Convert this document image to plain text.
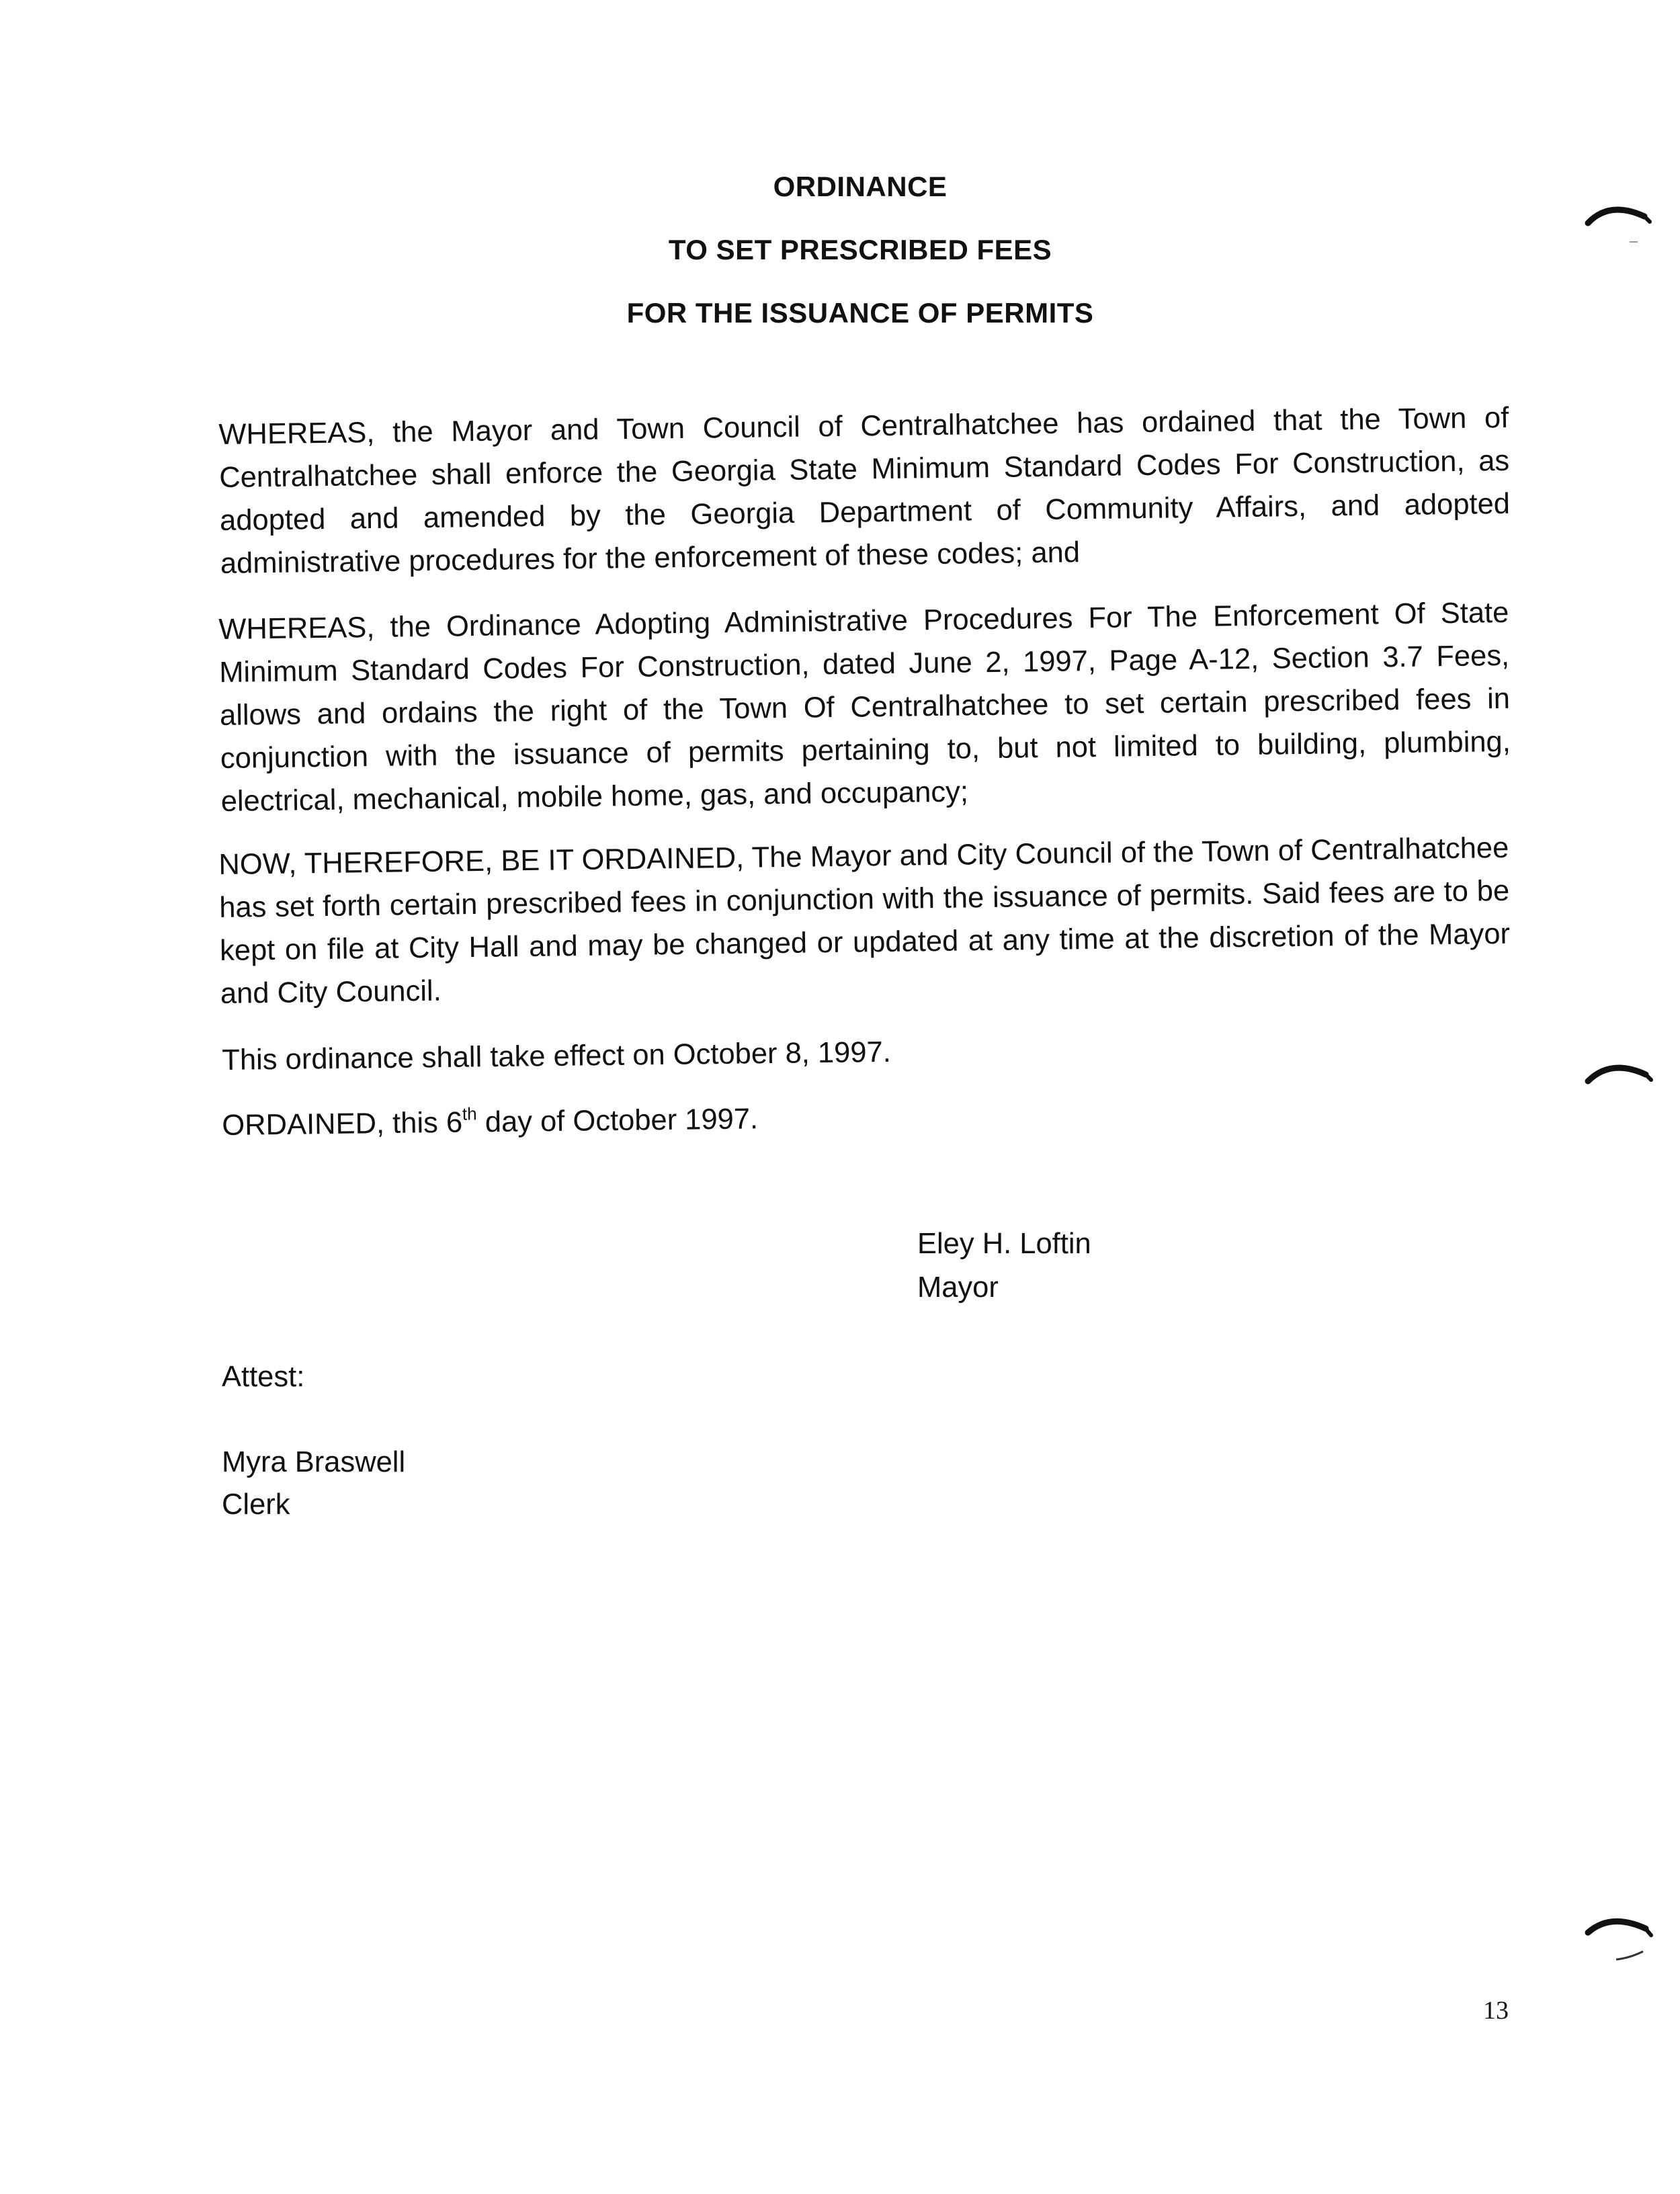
ORDINANCE
TO SET PRESCRIBED FEES
FOR THE ISSUANCE OF PERMITS
WHEREAS, the Mayor and Town Council of Centralhatchee has ordained that the Town of Centralhatchee shall enforce the Georgia State Minimum Standard Codes For Construction, as adopted and amended by the Georgia Department of Community Affairs, and adopted administrative procedures for the enforcement of these codes; and
WHEREAS, the Ordinance Adopting Administrative Procedures For The Enforcement Of State Minimum Standard Codes For Construction, dated June 2, 1997, Page A-12, Section 3.7 Fees, allows and ordains the right of the Town Of Centralhatchee to set certain prescribed fees in conjunction with the issuance of permits pertaining to, but not limited to building, plumbing, electrical, mechanical, mobile home, gas, and occupancy;
NOW, THEREFORE, BE IT ORDAINED, The Mayor and City Council of the Town of Centralhatchee has set forth certain prescribed fees in conjunction with the issuance of permits. Said fees are to be kept on file at City Hall and may be changed or updated at any time at the discretion of the Mayor and City Council.
This ordinance shall take effect on October 8, 1997.
ORDAINED, this 6th day of October 1997.
Eley H. Loftin
Mayor
Attest:
Myra Braswell
Clerk
13
